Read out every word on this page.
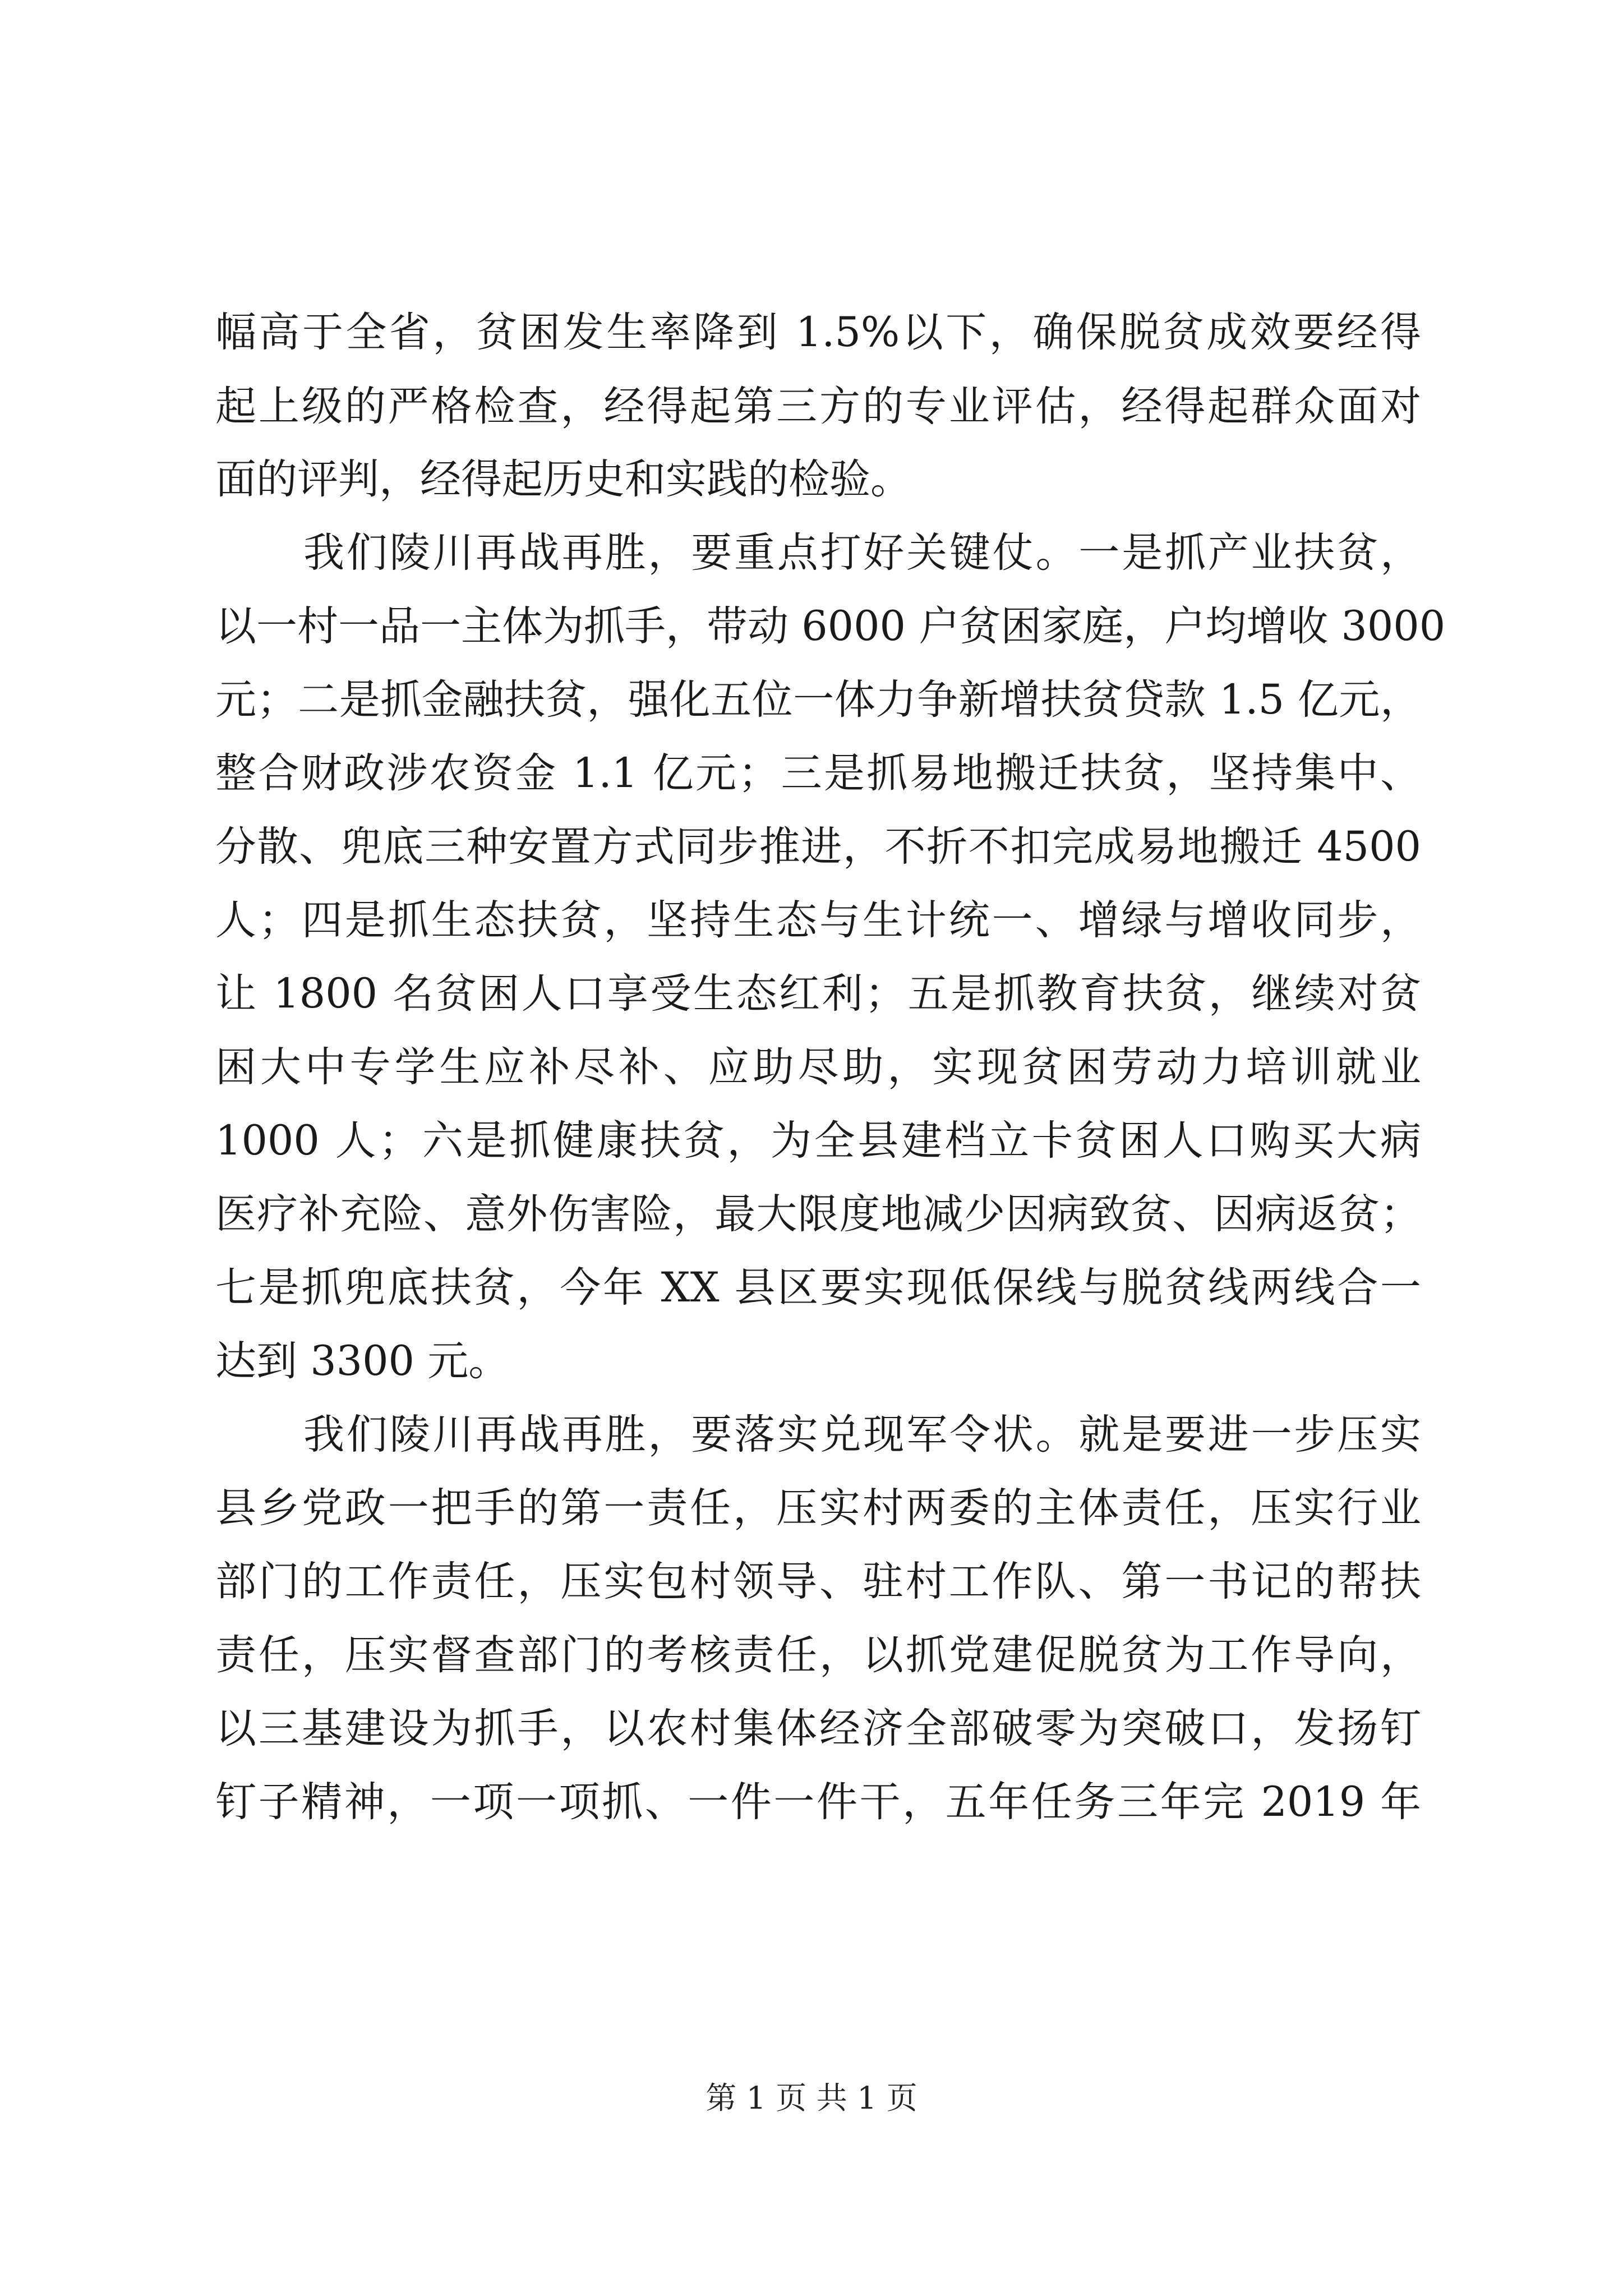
幅高于全省，贫困发生率降到 1.5%以下，确保脱贫成效要经得
起上级的严格检查，经得起第三方的专业评估，经得起群众面对
面的评判，经得起历史和实践的检验。
我们陵川再战再胜，要重点打好关键仗。一是抓产业扶贫，
以一村一品一主体为抓手，带动 6000 户贫困家庭，户均增收 3000
元；二是抓金融扶贫，强化五位一体力争新增扶贫贷款 1.5 亿元，
整合财政涉农资金 1.1 亿元；三是抓易地搬迁扶贫，坚持集中、
分散、兜底三种安置方式同步推进，不折不扣完成易地搬迁 4500
人；四是抓生态扶贫，坚持生态与生计统一、增绿与增收同步，
让 1800 名贫困人口享受生态红利；五是抓教育扶贫，继续对贫
困大中专学生应补尽补、应助尽助，实现贫困劳动力培训就业
1000 人；六是抓健康扶贫，为全县建档立卡贫困人口购买大病
医疗补充险、意外伤害险，最大限度地减少因病致贫、因病返贫；
七是抓兜底扶贫，今年 XX 县区要实现低保线与脱贫线两线合一
达到 3300 元。
我们陵川再战再胜，要落实兑现军令状。就是要进一步压实
县乡党政一把手的第一责任，压实村两委的主体责任，压实行业
部门的工作责任，压实包村领导、驻村工作队、第一书记的帮扶
责任，压实督查部门的考核责任，以抓党建促脱贫为工作导向，
以三基建设为抓手，以农村集体经济全部破零为突破口，发扬钉
钉子精神，一项一项抓、一件一件干，五年任务三年完 2019 年
第 1 页 共 1 页
